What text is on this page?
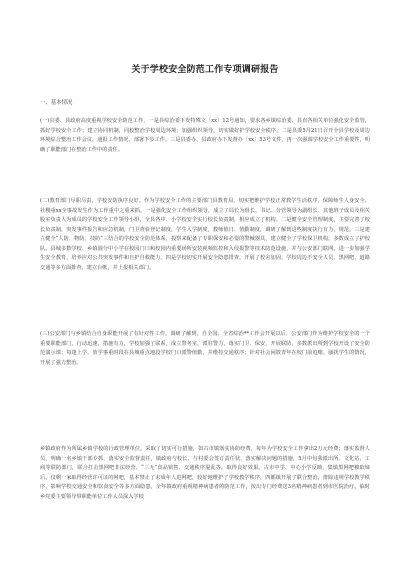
关于学校安全防范工作专项调研报告
一、基本情况

(一)县委、县政府高度重视学校安全防范工作。一是县综治委下发特殊文〔xx〕12号通知，要求各乡镇综治委、县直各相关单位强化安全监管，抓好学校安全工作；建立协同机制，同校整治学校周边环境；加强组织领导，切实做好护学校安全秩序。二是县委5月21日召开全县学校及周边环境综合整治工作会议，通报工作情况，部署下步工作。三是县委办、县政府办下发督办〔xx〕53号文件，再一次强调学校安全工作重要性，明确了职能部门在整治工作中的责任。

(二)教育部门尽职尽责，学校安防执序良好。作为学校安全工作的主要部门县教育局，切实把维护学校正常教学生活秩序，保障师生人身安全、社稷重xx全事故发生作为工作重中之重来抓。一是强化安全工作组织领导，成立了局长为组长、书记、分管领导为副组长、其他班子成员及相关股室负责人为成员的学校安全工作领导小组，全县各中、小学校安全实行校长负责制，相应成立了机构。二是健全安全管理制度，主要完善了校长负责制，突发事件报告和应急机制，门卫查验登记制度，学生入学制度，教师值日、值勤制度，调研了解到这些制度执行有力，规范。三是建立健全“人防、物防、技防”三结合的学校安全防范体系，投察来配备了专职保安和必要的警械器具，建立健全了学校保卫机构，多数成立了护校队。县城多数学校、乡镇圆分中小学在校园门口和校园内重要场所安装视频监控和入侵报警等技术防范设施，并与公安部门联网。进一步加强学生安全教育，培养应对公共突发事件和自护自救能力。四是学校切实开展安全隐患排查，开展了校舍加固、学校周边不安全人员、黑网吧、道路交通等多方面排查，建立台帐，并上报相关部门。

(三)公安部门与乡镇结合自身职能开展了有针对性工作。调研了解到，自全国、全省综治**工作会开展以后，公安部门作为维护学校安全的一个重要职能部门，行动迅速，措施有力，学校加强了联系，成立警务室，派驻警力，落实门卫、保安，开展联防，多数派出所到学校开设了安全防范演示课；每逢上学、放学事重时段在县城重点地段学校门口派警值勤，并维持交通秩序；针对社会闲散青年在校门前追赌、骚扰学生的情况，开展了强力整治。

乡镇政府作为所属乡镇学校的行政管理单位，采取了切实可行措施，如古市镇落实协防经费，每年为学校安全工作拿出2万元经费；落实监督人员，明确一名乡镇干部专抓，落实安全监督责任，镇政府与校长、与村委会签订责任状，落实解决问题的措施，5月中旬我派出所、文化站，工商等联防部门，联合打击黑网吧非法经营。“三无”食品销售、交通秩序混乱等，取得良好效果。古市中学、中心小学反映，集镇黑网吧被取缔后，仅剩一家取得经营许可证的网吧，基本禁止了未成年人进网吧，较好地维护了学校教学秩序，四都镇开展了联合整治，排除违规学校教学秩序，影响学校交通安全和饮食安全等多方面隐患，全年镇政府重视精神病患者的防范工作，按出专门经费送3名精神病患者到市医院治疗，临时乡党委主要领导带职能单位工作人员深入学校
